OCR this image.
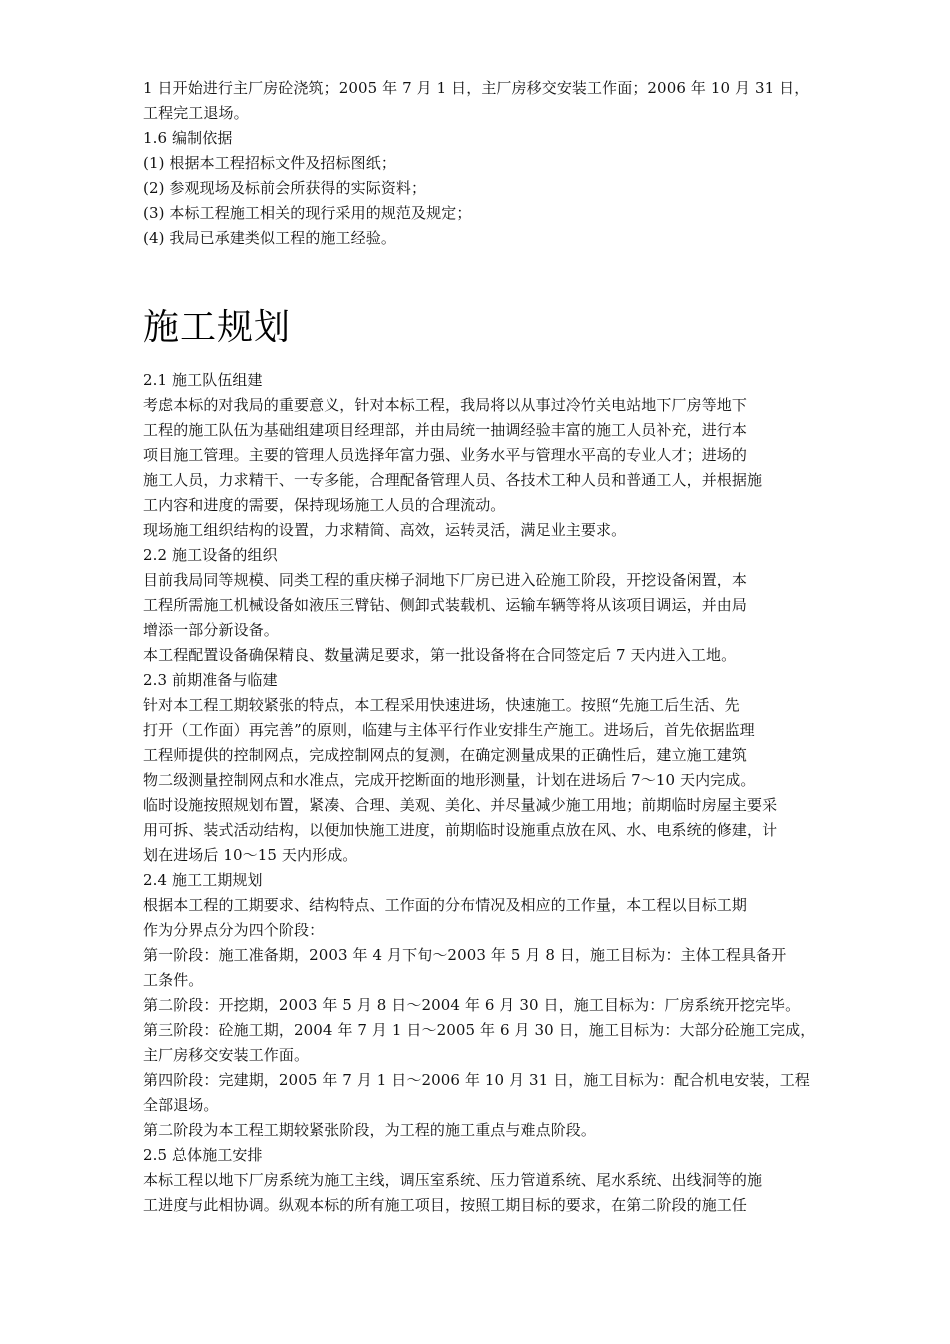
1 日开始进行主厂房砼浇筑；2005 年 7 月 1 日，主厂房移交安装工作面；2006 年 10 月 31 日，
工程完工退场。
1.6 编制依据
(1) 根据本工程招标文件及招标图纸；
(2) 参观现场及标前会所获得的实际资料；
(3) 本标工程施工相关的现行采用的规范及规定；
(4) 我局已承建类似工程的施工经验。
施工规划
2.1 施工队伍组建
考虑本标的对我局的重要意义，针对本标工程，我局将以从事过冷竹关电站地下厂房等地下
工程的施工队伍为基础组建项目经理部，并由局统一抽调经验丰富的施工人员补充，进行本
项目施工管理。主要的管理人员选择年富力强、业务水平与管理水平高的专业人才；进场的
施工人员，力求精干、一专多能，合理配备管理人员、各技术工种人员和普通工人，并根据施
工内容和进度的需要，保持现场施工人员的合理流动。
现场施工组织结构的设置，力求精简、高效，运转灵活，满足业主要求。
2.2 施工设备的组织
目前我局同等规模、同类工程的重庆梯子洞地下厂房已进入砼施工阶段，开挖设备闲置，本
工程所需施工机械设备如液压三臂钻、侧卸式装载机、运输车辆等将从该项目调运，并由局
增添一部分新设备。
本工程配置设备确保精良、数量满足要求，第一批设备将在合同签定后 7 天内进入工地。
2.3 前期准备与临建
针对本工程工期较紧张的特点，本工程采用快速进场，快速施工。按照“先施工后生活、先
打开（工作面）再完善”的原则，临建与主体平行作业安排生产施工。进场后，首先依据监理
工程师提供的控制网点，完成控制网点的复测，在确定测量成果的正确性后，建立施工建筑
物二级测量控制网点和水准点，完成开挖断面的地形测量，计划在进场后 7～10 天内完成。
临时设施按照规划布置，紧凑、合理、美观、美化、并尽量减少施工用地；前期临时房屋主要采
用可拆、装式活动结构，以便加快施工进度，前期临时设施重点放在风、水、电系统的修建，计
划在进场后 10～15 天内形成。
2.4 施工工期规划
根据本工程的工期要求、结构特点、工作面的分布情况及相应的工作量，本工程以目标工期
作为分界点分为四个阶段：
第一阶段：施工准备期，2003 年 4 月下旬～2003 年 5 月 8 日，施工目标为：主体工程具备开
工条件。
第二阶段：开挖期，2003 年 5 月 8 日～2004 年 6 月 30 日，施工目标为：厂房系统开挖完毕。
第三阶段：砼施工期，2004 年 7 月 1 日～2005 年 6 月 30 日，施工目标为：大部分砼施工完成，
主厂房移交安装工作面。
第四阶段：完建期，2005 年 7 月 1 日～2006 年 10 月 31 日，施工目标为：配合机电安装，工程
全部退场。
第二阶段为本工程工期较紧张阶段，为工程的施工重点与难点阶段。
2.5 总体施工安排
本标工程以地下厂房系统为施工主线，调压室系统、压力管道系统、尾水系统、出线洞等的施
工进度与此相协调。纵观本标的所有施工项目，按照工期目标的要求，在第二阶段的施工任
